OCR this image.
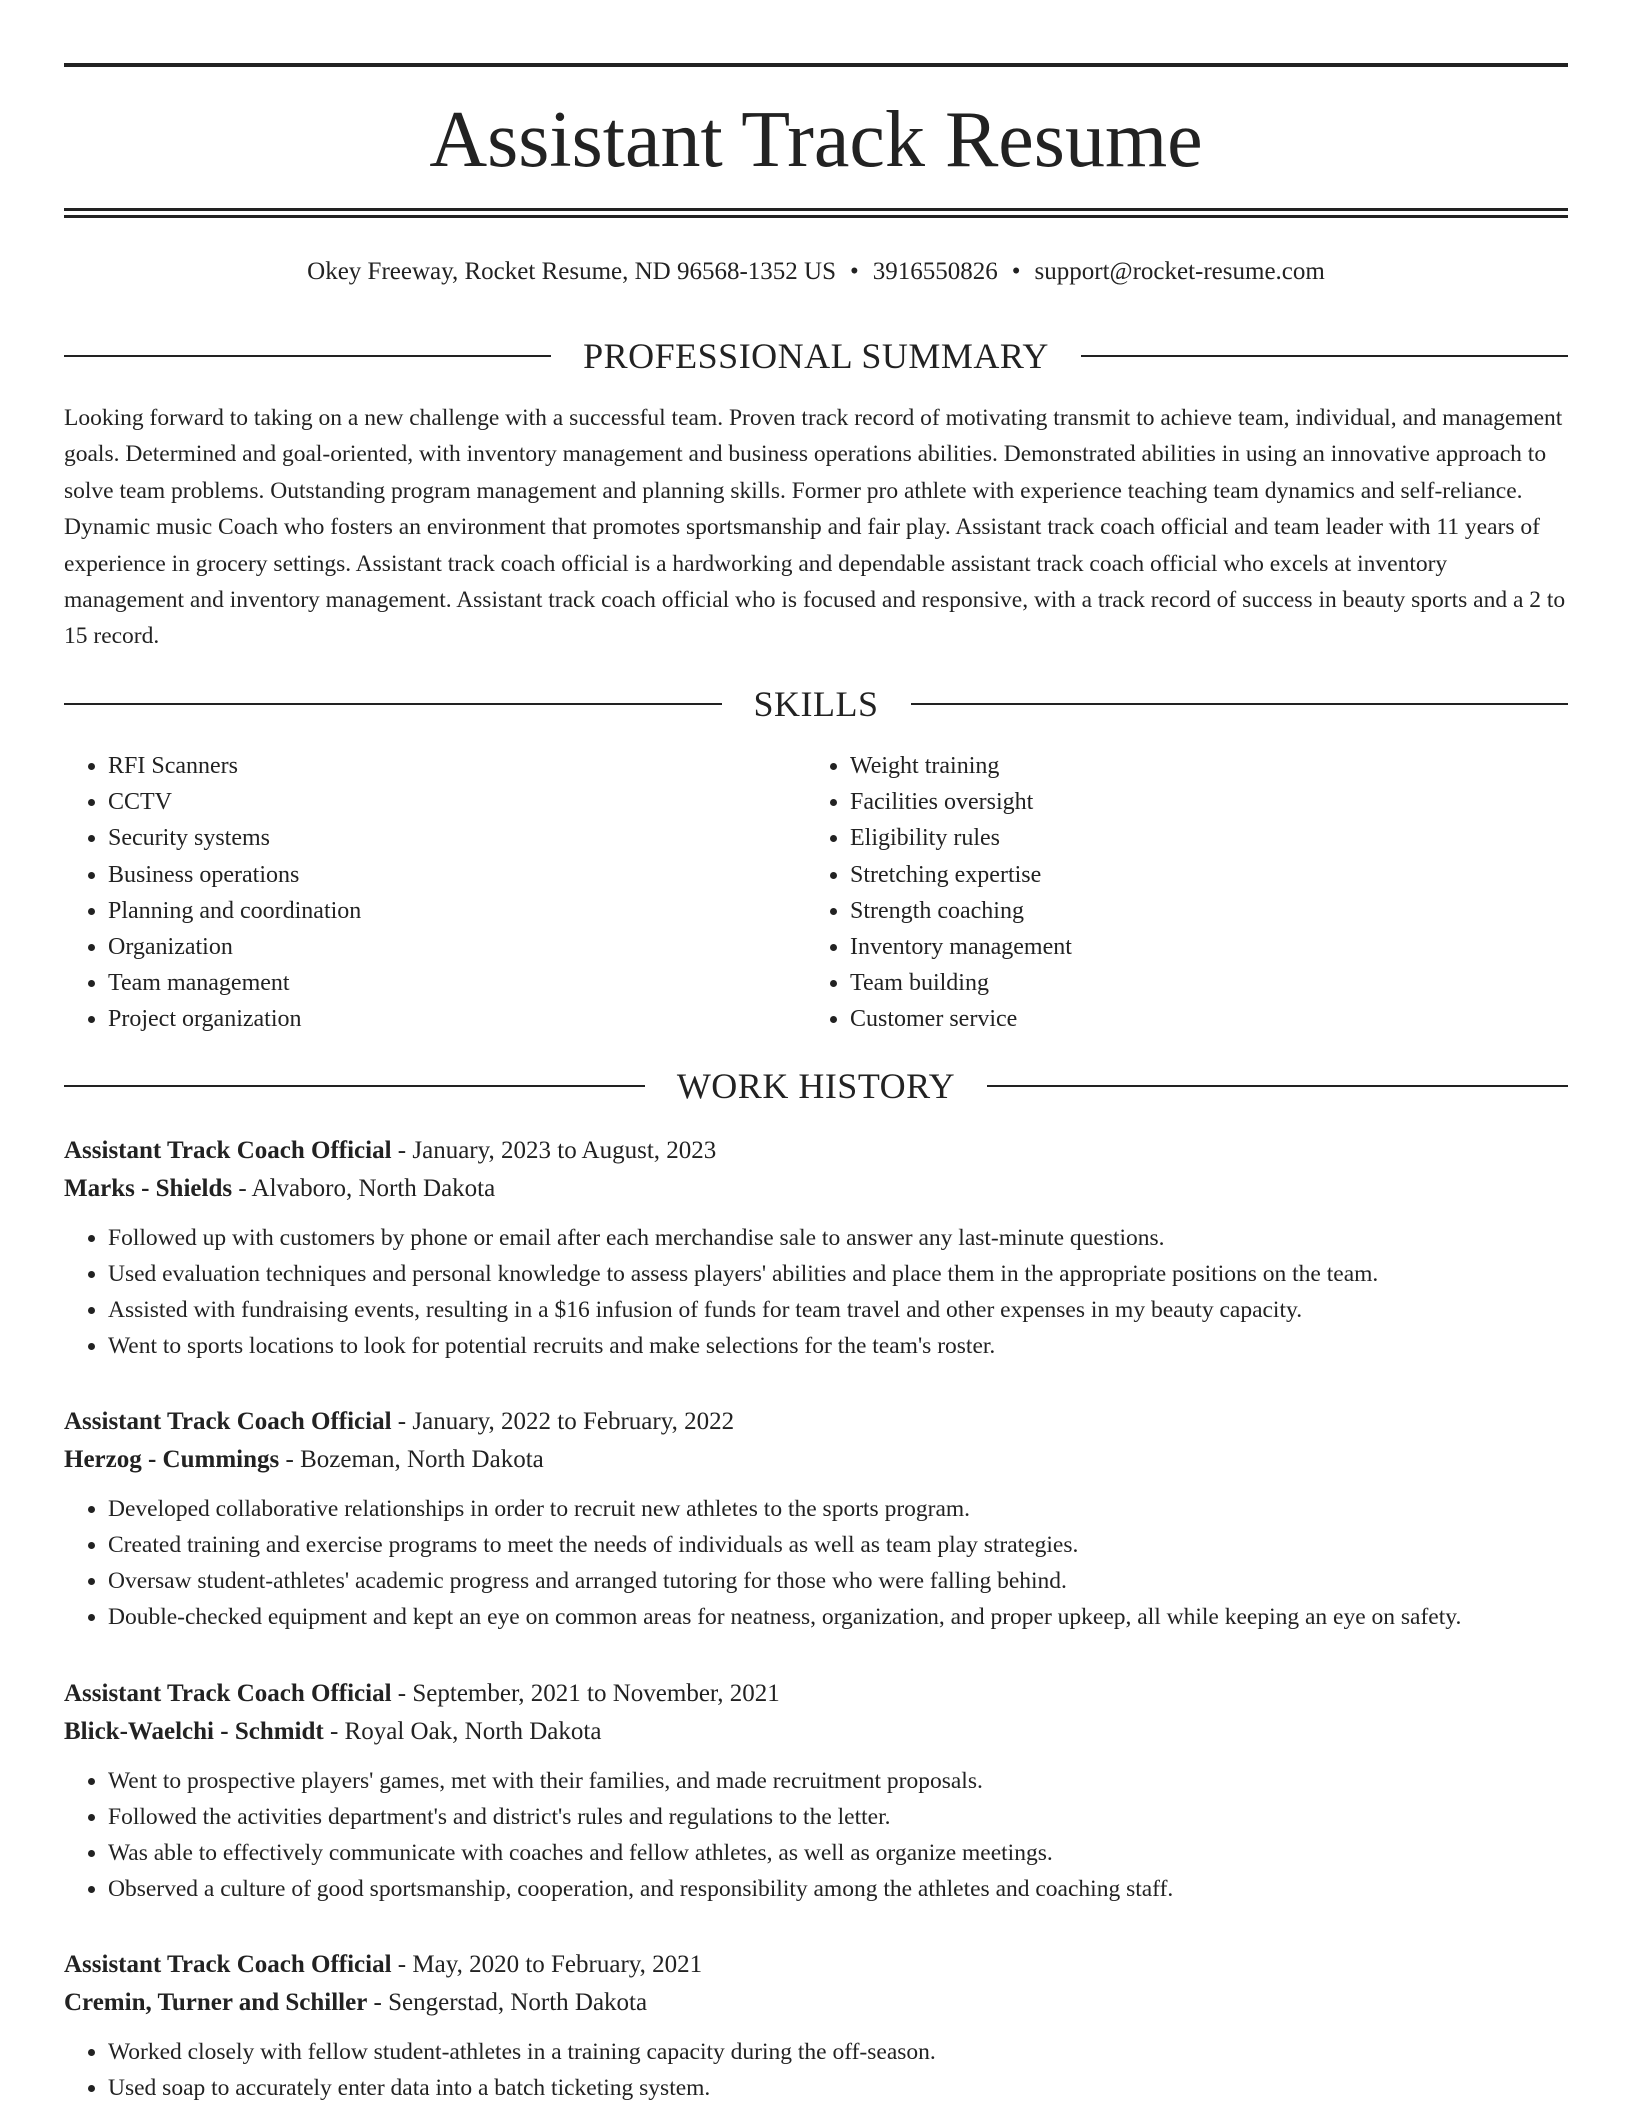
Assistant Track Resume
Okey Freeway, Rocket Resume, ND 96568-1352 US • 3916550826 • support@rocket-resume.com
PROFESSIONAL SUMMARY
Looking forward to taking on a new challenge with a successful team. Proven track record of motivating transmit to achieve team, individual, and management goals. Determined and goal-oriented, with inventory management and business operations abilities. Demonstrated abilities in using an innovative approach to solve team problems. Outstanding program management and planning skills. Former pro athlete with experience teaching team dynamics and self-reliance. Dynamic music Coach who fosters an environment that promotes sportsmanship and fair play. Assistant track coach official and team leader with 11 years of experience in grocery settings. Assistant track coach official is a hardworking and dependable assistant track coach official who excels at inventory management and inventory management. Assistant track coach official who is focused and responsive, with a track record of success in beauty sports and a 2 to 15 record.
SKILLS
• RFI Scanners
• CCTV
• Security systems
• Business operations
• Planning and coordination
• Organization
• Team management
• Project organization
• Weight training
• Facilities oversight
• Eligibility rules
• Stretching expertise
• Strength coaching
• Inventory management
• Team building
• Customer service
WORK HISTORY
Assistant Track Coach Official - January, 2023 to August, 2023
Marks - Shields - Alvaboro, North Dakota
• Followed up with customers by phone or email after each merchandise sale to answer any last-minute questions.
• Used evaluation techniques and personal knowledge to assess players' abilities and place them in the appropriate positions on the team.
• Assisted with fundraising events, resulting in a $16 infusion of funds for team travel and other expenses in my beauty capacity.
• Went to sports locations to look for potential recruits and make selections for the team's roster.
Assistant Track Coach Official - January, 2022 to February, 2022
Herzog - Cummings - Bozeman, North Dakota
• Developed collaborative relationships in order to recruit new athletes to the sports program.
• Created training and exercise programs to meet the needs of individuals as well as team play strategies.
• Oversaw student-athletes' academic progress and arranged tutoring for those who were falling behind.
• Double-checked equipment and kept an eye on common areas for neatness, organization, and proper upkeep, all while keeping an eye on safety.
Assistant Track Coach Official - September, 2021 to November, 2021
Blick-Waelchi - Schmidt - Royal Oak, North Dakota
• Went to prospective players' games, met with their families, and made recruitment proposals.
• Followed the activities department's and district's rules and regulations to the letter.
• Was able to effectively communicate with coaches and fellow athletes, as well as organize meetings.
• Observed a culture of good sportsmanship, cooperation, and responsibility among the athletes and coaching staff.
Assistant Track Coach Official - May, 2020 to February, 2021
Cremin, Turner and Schiller - Sengerstad, North Dakota
• Worked closely with fellow student-athletes in a training capacity during the off-season.
• Used soap to accurately enter data into a batch ticketing system.
